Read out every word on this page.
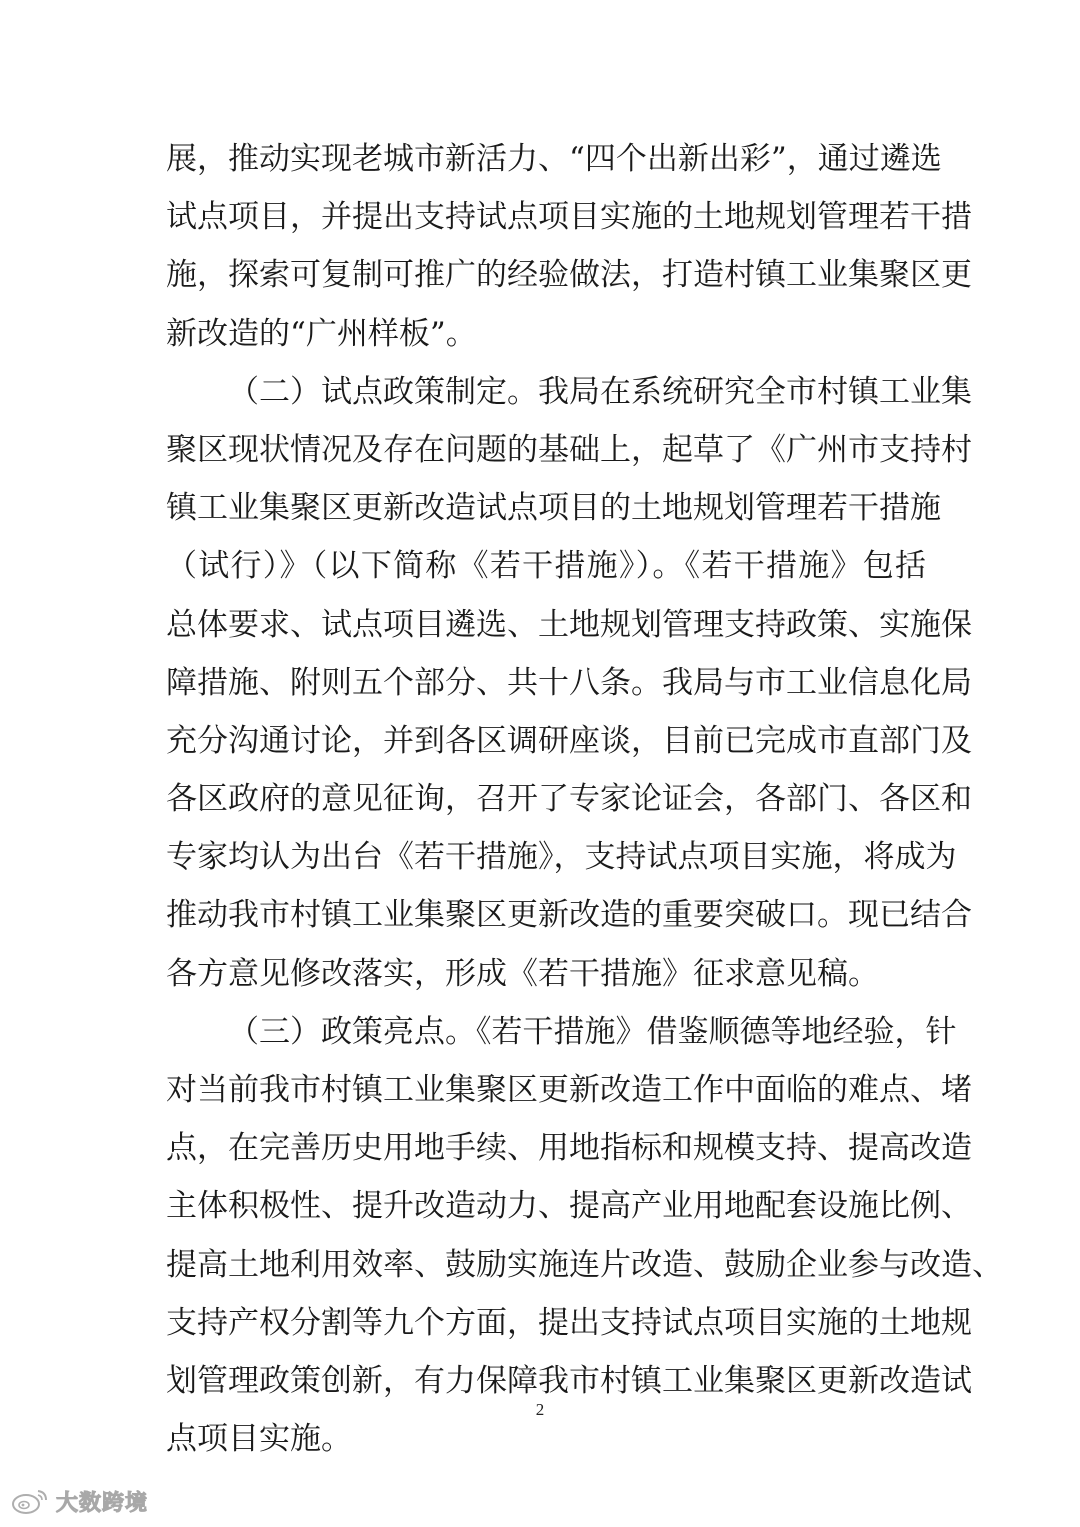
展，推动实现老城市新活力、“四个出新出彩”，通过遴选
试点项目，并提出支持试点项目实施的土地规划管理若干措
施，探索可复制可推广的经验做法，打造村镇工业集聚区更
新改造的“广州样板”。
（二）试点政策制定。我局在系统研究全市村镇工业集
聚区现状情况及存在问题的基础上，起草了《广州市支持村
镇工业集聚区更新改造试点项目的土地规划管理若干措施
（试行）》（以下简称《若干措施》）。《若干措施》包括
总体要求、试点项目遴选、土地规划管理支持政策、实施保
障措施、附则五个部分、共十八条。我局与市工业信息化局
充分沟通讨论，并到各区调研座谈，目前已完成市直部门及
各区政府的意见征询，召开了专家论证会，各部门、各区和
专家均认为出台《若干措施》，支持试点项目实施，将成为
推动我市村镇工业集聚区更新改造的重要突破口。现已结合
各方意见修改落实，形成《若干措施》征求意见稿。
（三）政策亮点。《若干措施》借鉴顺德等地经验，针
对当前我市村镇工业集聚区更新改造工作中面临的难点、堵
点，在完善历史用地手续、用地指标和规模支持、提高改造
主体积极性、提升改造动力、提高产业用地配套设施比例、
提高土地利用效率、鼓励实施连片改造、鼓励企业参与改造、
支持产权分割等九个方面，提出支持试点项目实施的土地规
划管理政策创新，有力保障我市村镇工业集聚区更新改造试
点项目实施。
2
大数跨境
